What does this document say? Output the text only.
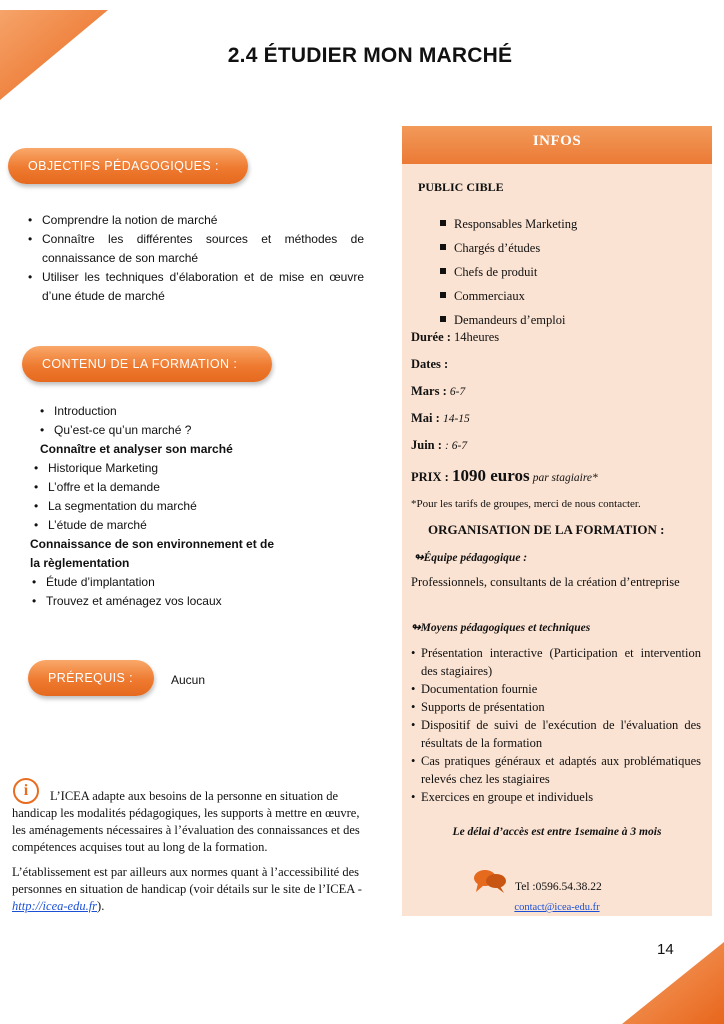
2.4 ÉTUDIER MON MARCHÉ
OBJECTIFS PÉDAGOGIQUES :
• Comprendre la notion de marché
• Connaître les différentes sources et méthodes de connaissance de son marché
• Utiliser les techniques d’élaboration et de mise en œuvre d’une étude de marché
CONTENU DE LA FORMATION :
• Introduction
• Qu’est-ce qu’un marché ?
Connaître et analyser son marché
• Historique Marketing
• L’offre et la demande
• La segmentation du marché
• L’étude de marché
Connaissance de son environnement et de la règlementation
• Étude d’implantation
• Trouvez et aménagez vos locaux
PRÉREQUIS :	Aucun
i	L’ICEA adapte aux besoins de la personne en situation de handicap les modalités pédagogiques, les supports à mettre en œuvre, les aménagements nécessaires à l’évaluation des connaissances et des compétences acquises tout au long de la formation.

L’établissement est par ailleurs aux normes quant à l’accessibilité des personnes en situation de handicap (voir détails sur le site de l’ICEA - http://icea-edu.fr).

INFOS
PUBLIC CIBLE
Responsables Marketing
Chargés d’études
Chefs de produit
Commerciaux
Demandeurs d’emploi
Durée : 14heures
Dates :
Mars : 6-7
Mai : 14-15
Juin : : 6-7
PRIX : 1090 euros par stagiaire*
*Pour les tarifs de groupes, merci de nous contacter.
ORGANISATION DE LA FORMATION :
↬Équipe pédagogique :
Professionnels, consultants de la création d’entreprise
↬Moyens pédagogiques et techniques
• Présentation interactive (Participation et intervention des stagiaires)
• Documentation fournie
• Supports de présentation
• Dispositif de suivi de l'exécution de l'évaluation des résultats de la formation
• Cas pratiques généraux et adaptés aux problématiques relevés chez les stagiaires
• Exercices en groupe et individuels
Le délai d’accès est entre 1semaine à 3 mois
Tel :0596.54.38.22
contact@icea-edu.fr
14
